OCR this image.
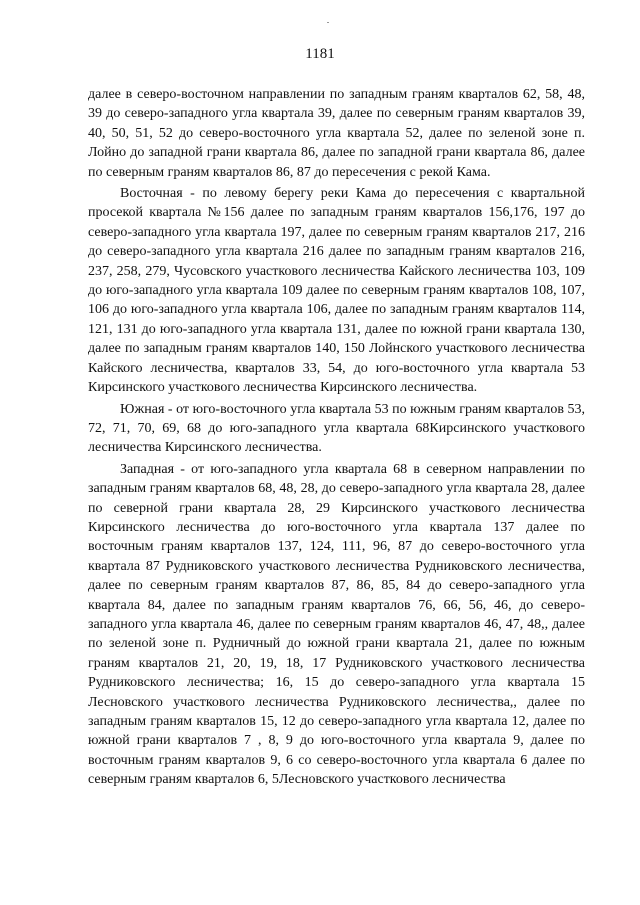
1181

далее в северо-восточном направлении по западным граням кварталов 62, 58, 48, 39 до северо-западного угла квартала 39, далее по северным граням кварталов 39, 40, 50, 51, 52 до северо-восточного угла квартала 52, далее по зеленой зоне п. Лойно до западной грани квартала 86, далее по западной грани квартала 86, далее по северным граням кварталов 86, 87 до пересечения с рекой Кама.

Восточная - по левому берегу реки Кама до пересечения с квартальной просекой квартала №156 далее по западным граням кварталов 156,176, 197 до северо-западного угла квартала 197, далее по северным граням кварталов 217, 216 до северо-западного угла квартала 216 далее по западным граням кварталов 216, 237, 258, 279, Чусовского участкового лесничества Кайского лесничества 103, 109 до юго-западного угла квартала 109 далее по северным граням кварталов 108, 107, 106 до юго-западного угла квартала 106, далее по западным граням кварталов 114, 121, 131 до юго-западного угла квартала 131, далее по южной грани квартала 130, далее по западным граням кварталов 140, 150 Лойнского участкового лесничества Кайского лесничества, кварталов 33, 54, до юго-восточного угла квартала 53 Кирсинского участкового лесничества Кирсинского лесничества.

Южная - от юго-восточного угла квартала 53 по южным граням кварталов 53, 72, 71, 70, 69, 68 до юго-западного угла квартала 68Кирсинского участкового лесничества Кирсинского лесничества.

Западная - от юго-западного угла квартала 68 в северном направлении по западным граням кварталов 68, 48, 28, до северо-западного угла квартала 28, далее по северной грани квартала 28, 29 Кирсинского участкового лесничества Кирсинского лесничества до юго-восточного угла квартала 137 далее по восточным граням кварталов 137, 124, 111, 96, 87 до северо-восточного угла квартала 87 Рудниковского участкового лесничества Рудниковского лесничества, далее по северным граням кварталов 87, 86, 85, 84 до северо-западного угла квартала 84, далее по западным граням кварталов 76, 66, 56, 46, до северо-западного угла квартала 46, далее по северным граням кварталов 46, 47, 48,, далее по зеленой зоне п. Рудничный до южной грани квартала 21, далее по южным граням кварталов 21, 20, 19, 18, 17 Рудниковского участкового лесничества Рудниковского лесничества; 16, 15 до северо-западного угла квартала 15 Лесновского участкового лесничества Рудниковского лесничества,, далее по западным граням кварталов 15, 12 до северо-западного угла квартала 12, далее по южной грани кварталов 7 , 8, 9 до юго-восточного угла квартала 9, далее по восточным граням кварталов 9, 6 со северо-восточного угла квартала 6 далее по северным граням кварталов 6, 5Лесновского участкового лесничества
